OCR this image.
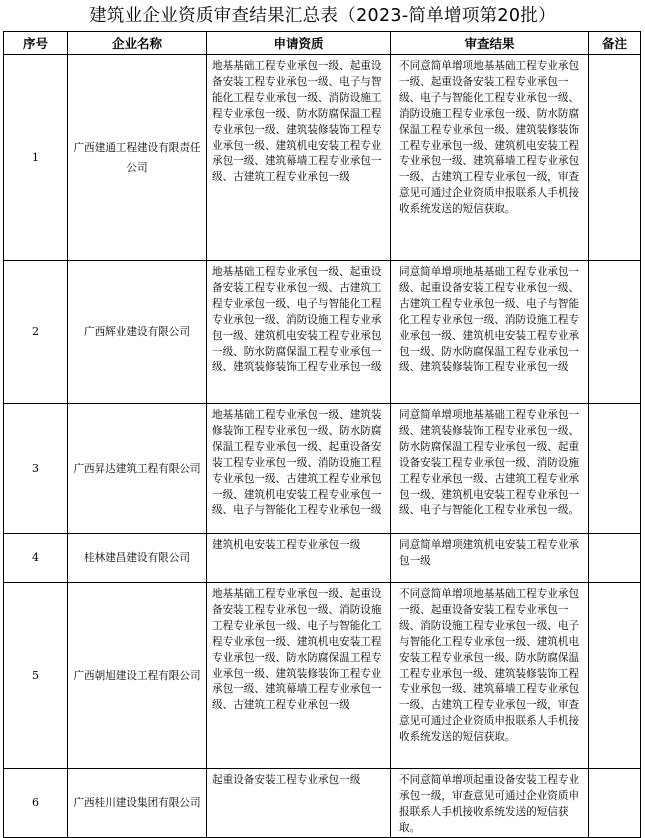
建筑业企业资质审查结果汇总表（2023-简单增项第20批）
序号	企业名称	申请资质	审查结果	备注
1	广西建通工程建设有限责任公司	地基基础工程专业承包一级、起重设备安装工程专业承包一级、电子与智能化工程专业承包一级、消防设施工程专业承包一级、防水防腐保温工程专业承包一级、建筑装修装饰工程专业承包一级、建筑机电安装工程专业承包一级、建筑幕墙工程专业承包一级、古建筑工程专业承包一级	不同意简单增项地基基础工程专业承包一级、起重设备安装工程专业承包一级、电子与智能化工程专业承包一级、消防设施工程专业承包一级、防水防腐保温工程专业承包一级、建筑装修装饰工程专业承包一级、建筑机电安装工程专业承包一级、建筑幕墙工程专业承包一级、古建筑工程专业承包一级，审查意见可通过企业资质申报联系人手机接收系统发送的短信获取。	
2	广西辉业建设有限公司	地基基础工程专业承包一级、起重设备安装工程专业承包一级、古建筑工程专业承包一级、电子与智能化工程专业承包一级、消防设施工程专业承包一级、建筑机电安装工程专业承包一级、防水防腐保温工程专业承包一级、建筑装修装饰工程专业承包一级	同意简单增项地基基础工程专业承包一级、起重设备安装工程专业承包一级、古建筑工程专业承包一级、电子与智能化工程专业承包一级、消防设施工程专业承包一级、建筑机电安装工程专业承包一级、防水防腐保温工程专业承包一级、建筑装修装饰工程专业承包一级	
3	广西昇达建筑工程有限公司	地基基础工程专业承包一级、建筑装修装饰工程专业承包一级、防水防腐保温工程专业承包一级、起重设备安装工程专业承包一级、消防设施工程专业承包一级、古建筑工程专业承包一级、建筑机电安装工程专业承包一级、电子与智能化工程专业承包一级	同意简单增项地基基础工程专业承包一级、建筑装修装饰工程专业承包一级、防水防腐保温工程专业承包一级、起重设备安装工程专业承包一级、消防设施工程专业承包一级、古建筑工程专业承包一级、建筑机电安装工程专业承包一级、电子与智能化工程专业承包一级。	
4	桂林建昌建设有限公司	建筑机电安装工程专业承包一级	同意简单增项建筑机电安装工程专业承包一级	
5	广西朝旭建设工程有限公司	地基基础工程专业承包一级、起重设备安装工程专业承包一级、消防设施工程专业承包一级、电子与智能化工程专业承包一级、建筑机电安装工程专业承包一级、防水防腐保温工程专业承包一级、建筑装修装饰工程专业承包一级、建筑幕墙工程专业承包一级、古建筑工程专业承包一级	不同意简单增项地基基础工程专业承包一级、起重设备安装工程专业承包一级、消防设施工程专业承包一级、电子与智能化工程专业承包一级、建筑机电安装工程专业承包一级、防水防腐保温工程专业承包一级、建筑装修装饰工程专业承包一级、建筑幕墙工程专业承包一级、古建筑工程专业承包一级，审查意见可通过企业资质申报联系人手机接收系统发送的短信获取。	
6	广西桂川建设集团有限公司	起重设备安装工程专业承包一级	不同意简单增项起重设备安装工程专业承包一级，审查意见可通过企业资质申报联系人手机接收系统发送的短信获取。	
